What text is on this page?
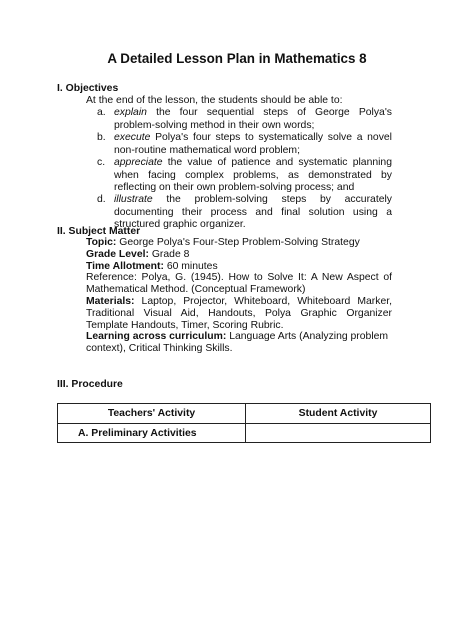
A Detailed Lesson Plan in Mathematics 8
I. Objectives
At the end of the lesson, the students should be able to:
a. explain the four sequential steps of George Polya's problem-solving method in their own words;
b. execute Polya's four steps to systematically solve a novel non-routine mathematical word problem;
c. appreciate the value of patience and systematic planning when facing complex problems, as demonstrated by reflecting on their own problem-solving process; and
d. illustrate the problem-solving steps by accurately documenting their process and final solution using a structured graphic organizer.
II. Subject Matter
Topic: George Polya's Four-Step Problem-Solving Strategy
Grade Level: Grade 8
Time Allotment: 60 minutes
Reference: Polya, G. (1945). How to Solve It: A New Aspect of Mathematical Method. (Conceptual Framework)
Materials: Laptop, Projector, Whiteboard, Whiteboard Marker, Traditional Visual Aid, Handouts, Polya Graphic Organizer Template Handouts, Timer, Scoring Rubric.
Learning across curriculum: Language Arts (Analyzing problem context), Critical Thinking Skills.
III. Procedure
Teachers' Activity	Student Activity
A. Preliminary Activities	
